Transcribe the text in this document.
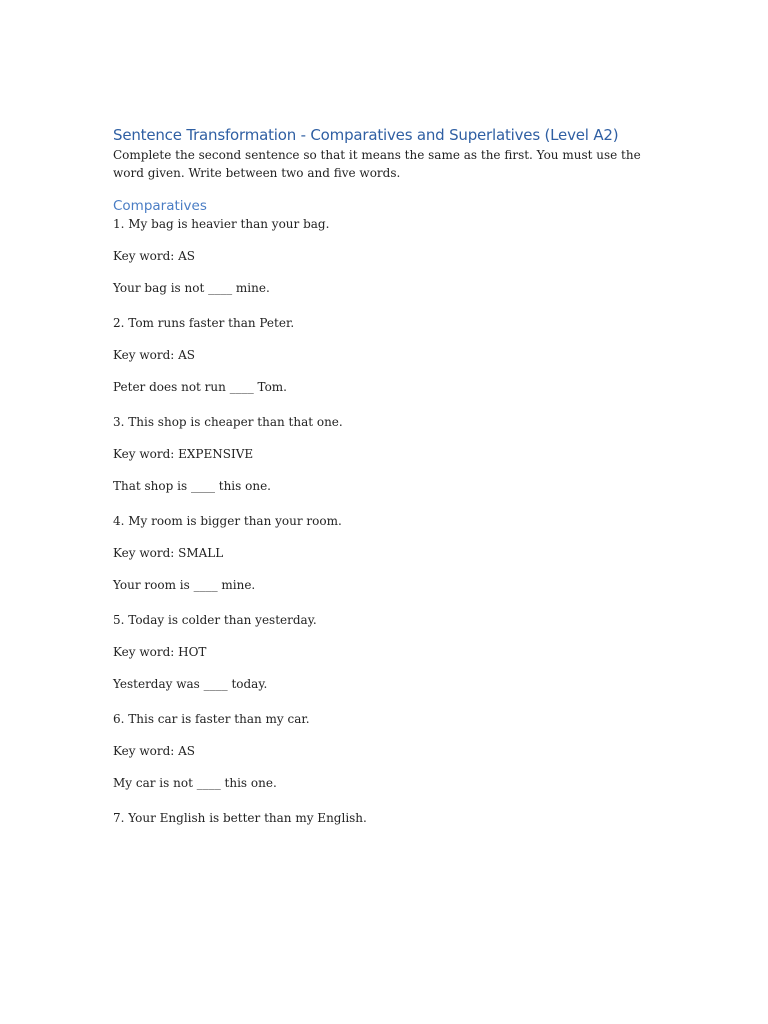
Sentence Transformation - Comparatives and Superlatives (Level A2)

Complete the second sentence so that it means the same as the first. You must use the word given. Write between two and five words.

Comparatives

1. My bag is heavier than your bag.

Key word: AS

Your bag is not ____ mine.

2. Tom runs faster than Peter.

Key word: AS

Peter does not run ____ Tom.

3. This shop is cheaper than that one.

Key word: EXPENSIVE

That shop is ____ this one.

4. My room is bigger than your room.

Key word: SMALL

Your room is ____ mine.

5. Today is colder than yesterday.

Key word: HOT

Yesterday was ____ today.

6. This car is faster than my car.

Key word: AS

My car is not ____ this one.

7. Your English is better than my English.
